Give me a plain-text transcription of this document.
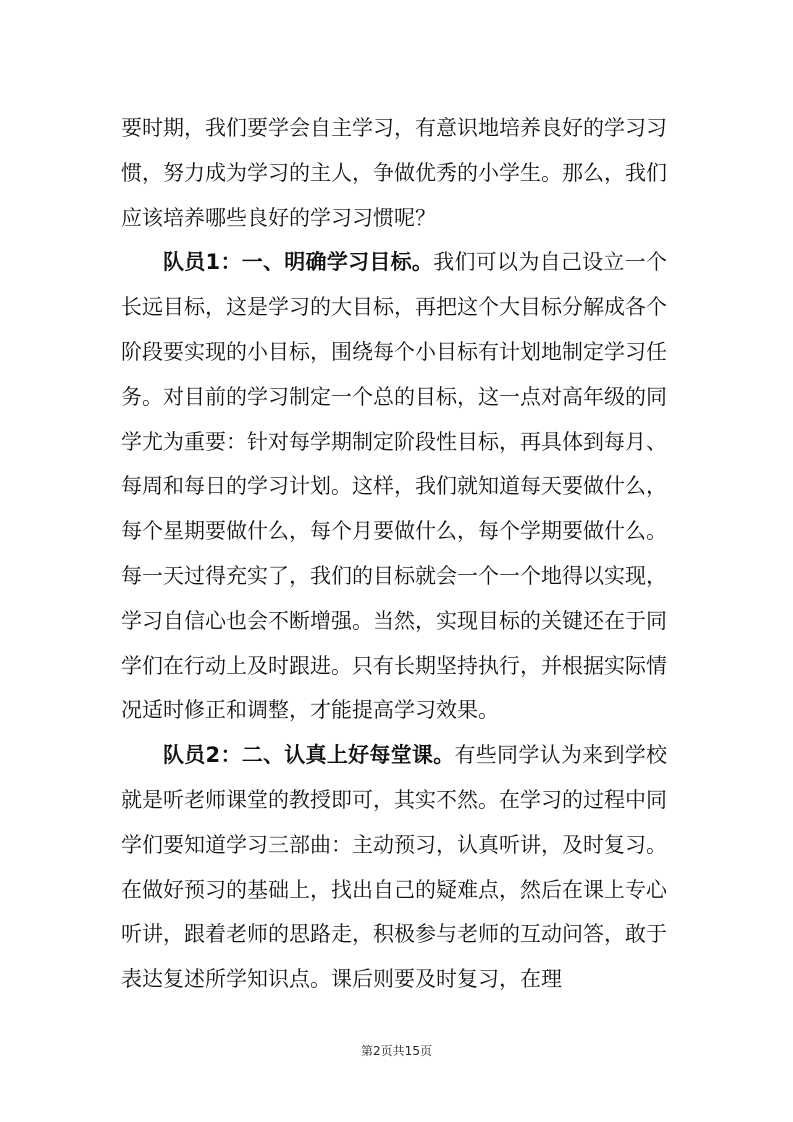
要时期，我们要学会自主学习，有意识地培养良好的学习习惯，努力成为学习的主人，争做优秀的小学生。那么，我们应该培养哪些良好的学习习惯呢？

队员1：一、明确学习目标。我们可以为自己设立一个长远目标，这是学习的大目标，再把这个大目标分解成各个阶段要实现的小目标，围绕每个小目标有计划地制定学习任务。对目前的学习制定一个总的目标，这一点对高年级的同学尤为重要：针对每学期制定阶段性目标，再具体到每月、每周和每日的学习计划。这样，我们就知道每天要做什么，每个星期要做什么，每个月要做什么，每个学期要做什么。每一天过得充实了，我们的目标就会一个一个地得以实现，学习自信心也会不断增强。当然，实现目标的关键还在于同学们在行动上及时跟进。只有长期坚持执行，并根据实际情况适时修正和调整，才能提高学习效果。

队员2：二、认真上好每堂课。有些同学认为来到学校就是听老师课堂的教授即可，其实不然。在学习的过程中同学们要知道学习三部曲：主动预习，认真听讲，及时复习。在做好预习的基础上，找出自己的疑难点，然后在课上专心听讲，跟着老师的思路走，积极参与老师的互动问答，敢于表达复述所学知识点。课后则要及时复习，在理

第2页共15页
